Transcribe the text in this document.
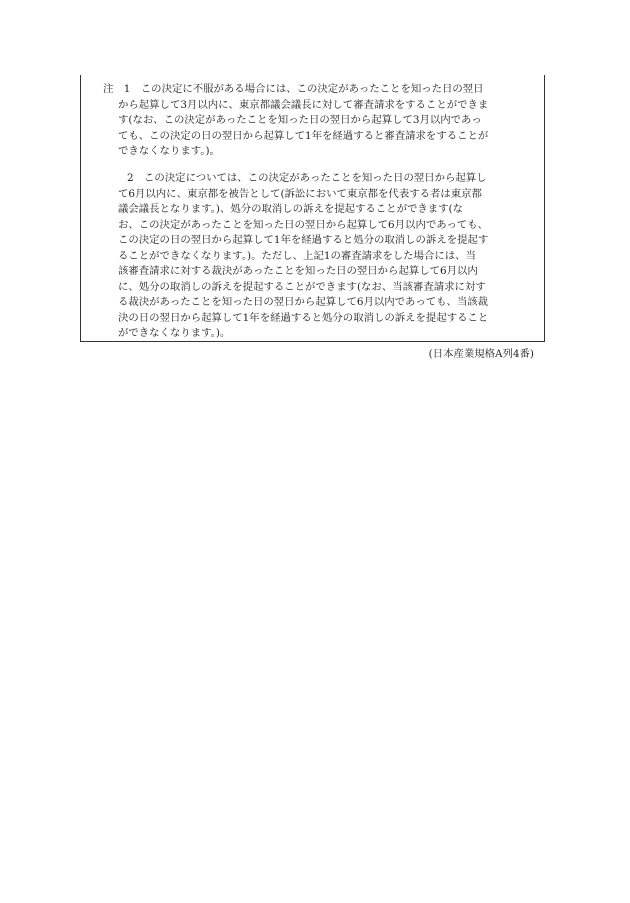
注　1　この決定に不服がある場合には、この決定があったことを知った日の翌日
から起算して3月以内に、東京都議会議長に対して審査請求をすることができま
す(なお、この決定があったことを知った日の翌日から起算して3月以内であっ
ても、この決定の日の翌日から起算して1年を経過すると審査請求をすることが
できなくなります。)。
2　この決定については、この決定があったことを知った日の翌日から起算し
て6月以内に、東京都を被告として(訴訟において東京都を代表する者は東京都
議会議長となります。)、処分の取消しの訴えを提起することができます(な
お、この決定があったことを知った日の翌日から起算して6月以内であっても、
この決定の日の翌日から起算して1年を経過すると処分の取消しの訴えを提起す
ることができなくなります。)。ただし、上記1の審査請求をした場合には、当
該審査請求に対する裁決があったことを知った日の翌日から起算して6月以内
に、処分の取消しの訴えを提起することができます(なお、当該審査請求に対す
る裁決があったことを知った日の翌日から起算して6月以内であっても、当該裁
決の日の翌日から起算して1年を経過すると処分の取消しの訴えを提起すること
ができなくなります。)。
(日本産業規格A列4番)
